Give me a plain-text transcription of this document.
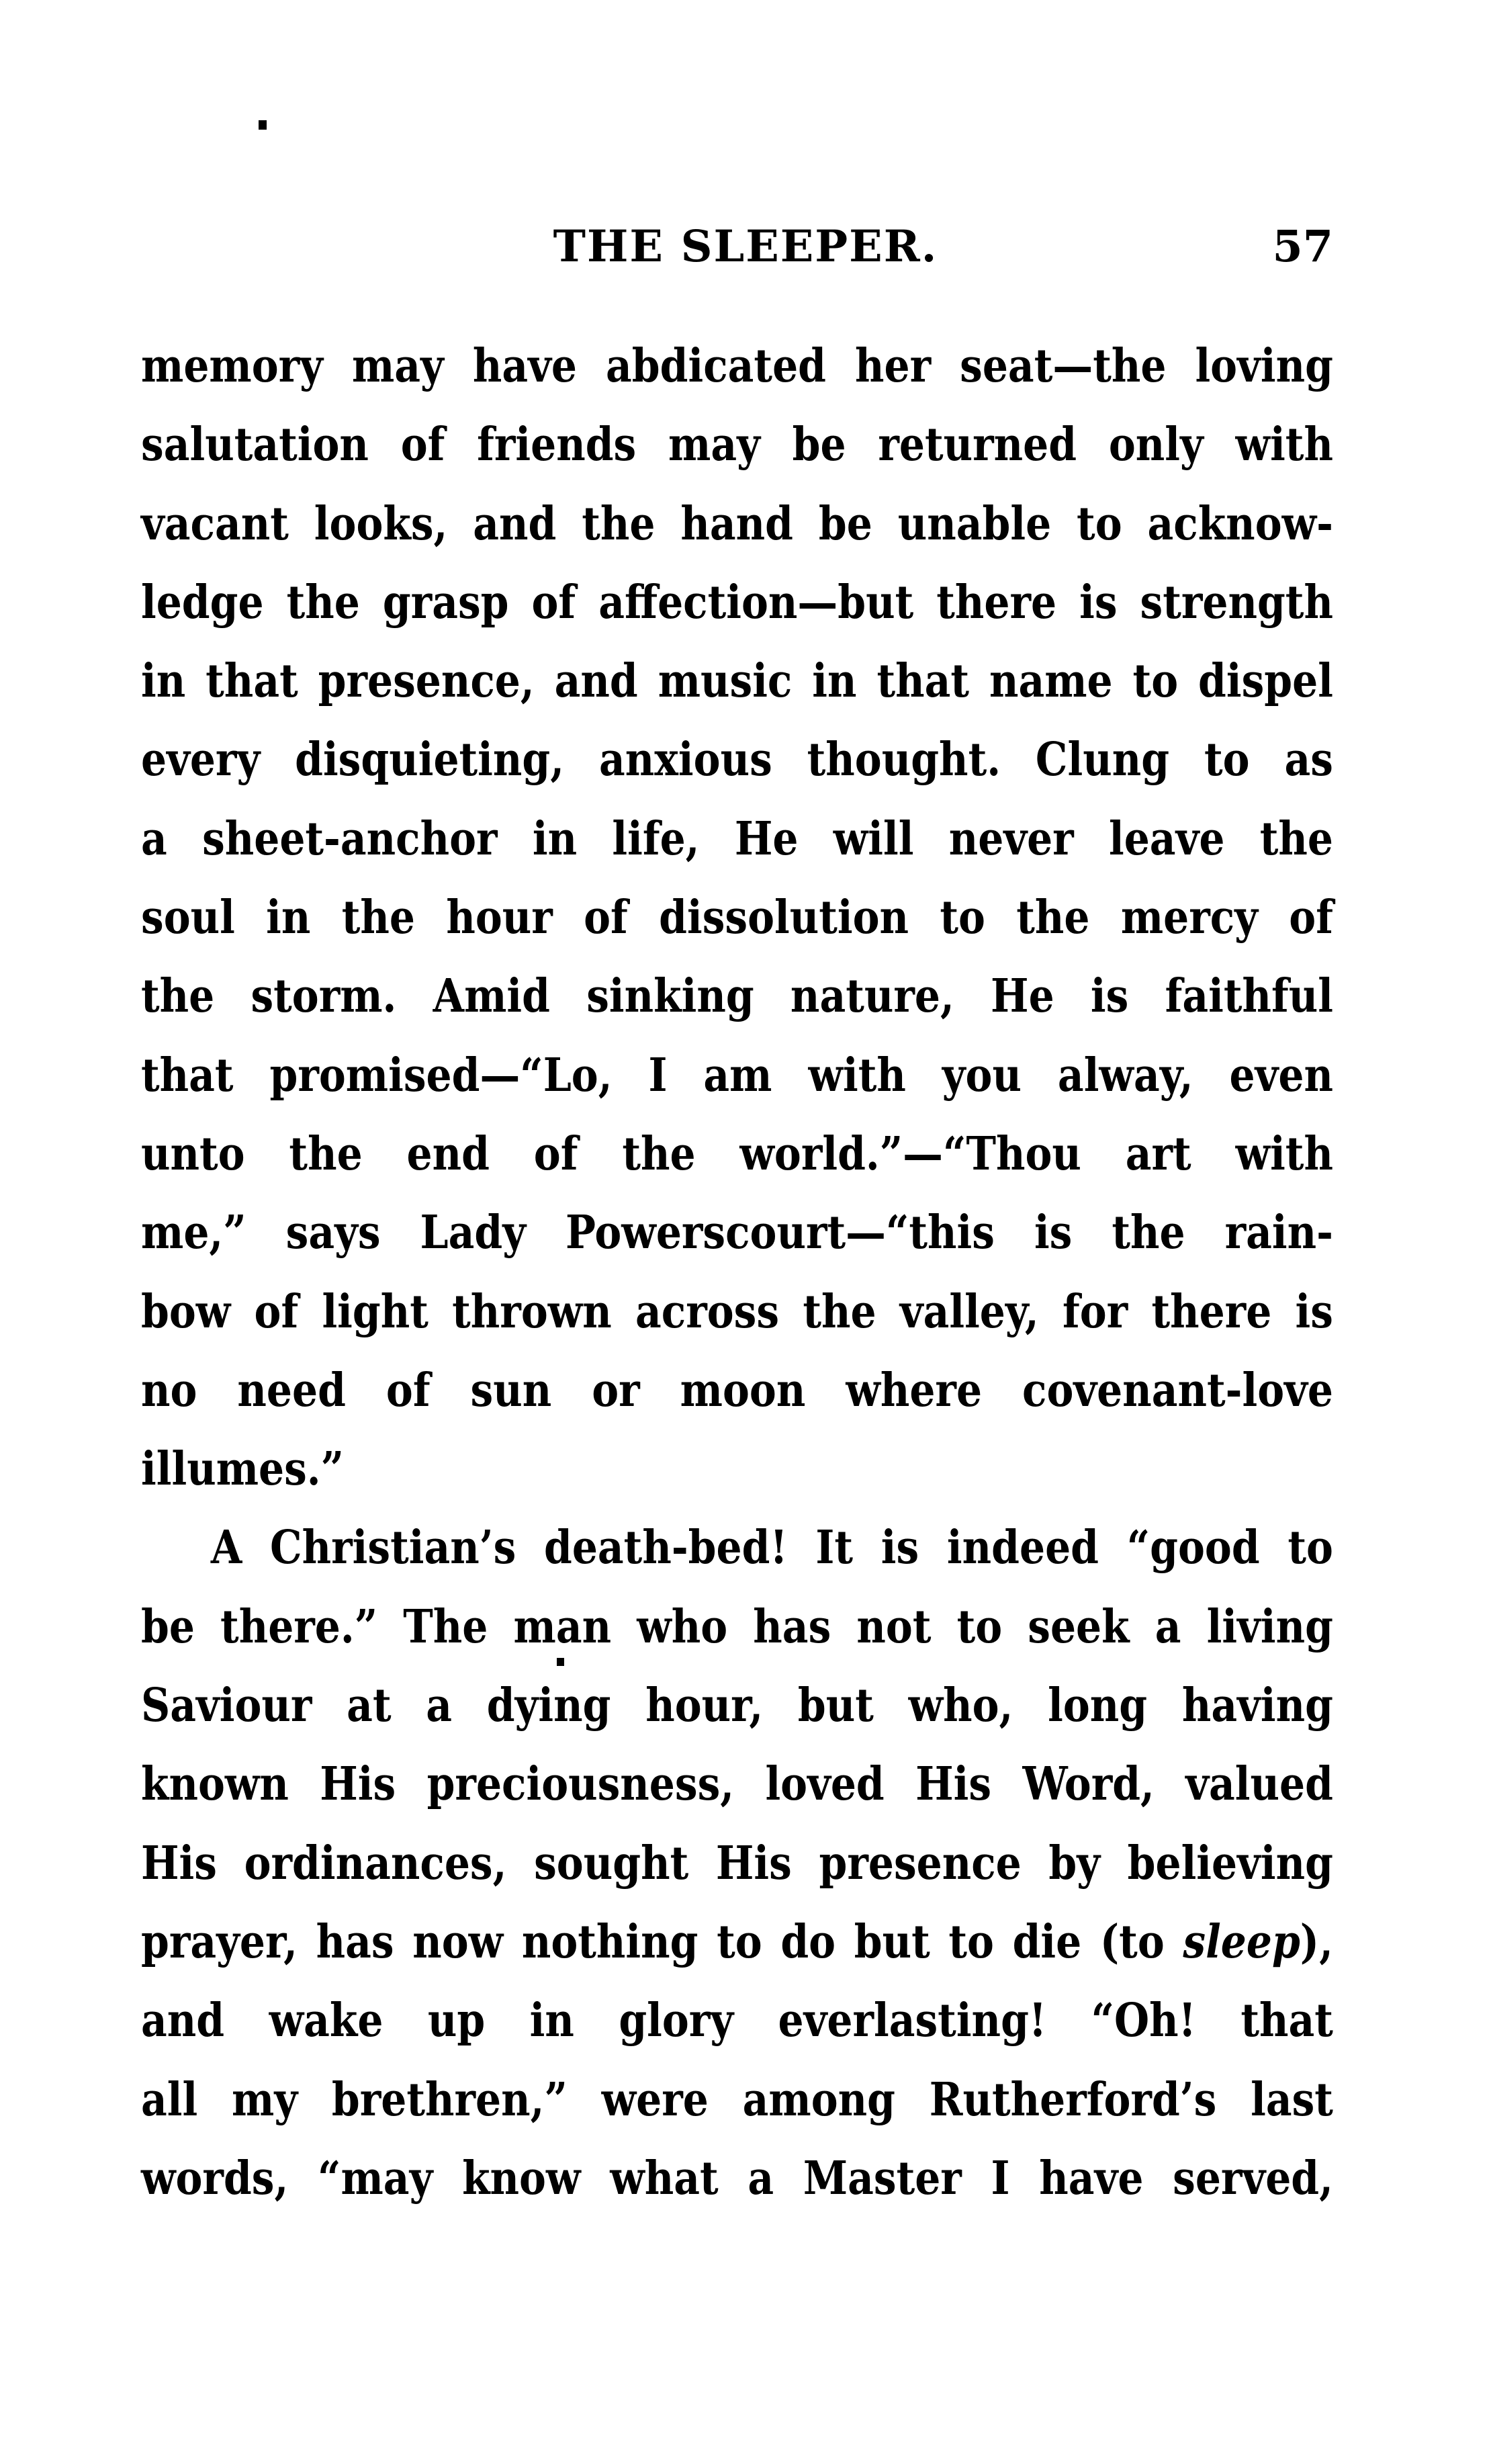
THE SLEEPER.	57
memory may have abdicated her seat—the loving
salutation of friends may be returned only with
vacant looks, and the hand be unable to acknow-
ledge the grasp of affection—but there is strength
in that presence, and music in that name to dispel
every disquieting, anxious thought. Clung to as
a sheet-anchor in life, He will never leave the
soul in the hour of dissolution to the mercy of
the storm. Amid sinking nature, He is faithful
that promised—“Lo, I am with you alway, even
unto the end of the world.”—“Thou art with
me,” says Lady Powerscourt—“this is the rain-
bow of light thrown across the valley, for there is
no need of sun or moon where covenant-love
illumes.”
A Christian’s death-bed! It is indeed “good to
be there.” The man who has not to seek a living
Saviour at a dying hour, but who, long having
known His preciousness, loved His Word, valued
His ordinances, sought His presence by believing
prayer, has now nothing to do but to die (to sleep),
and wake up in glory everlasting! “Oh! that
all my brethren,” were among Rutherford’s last
words, “may know what a Master I have served,
